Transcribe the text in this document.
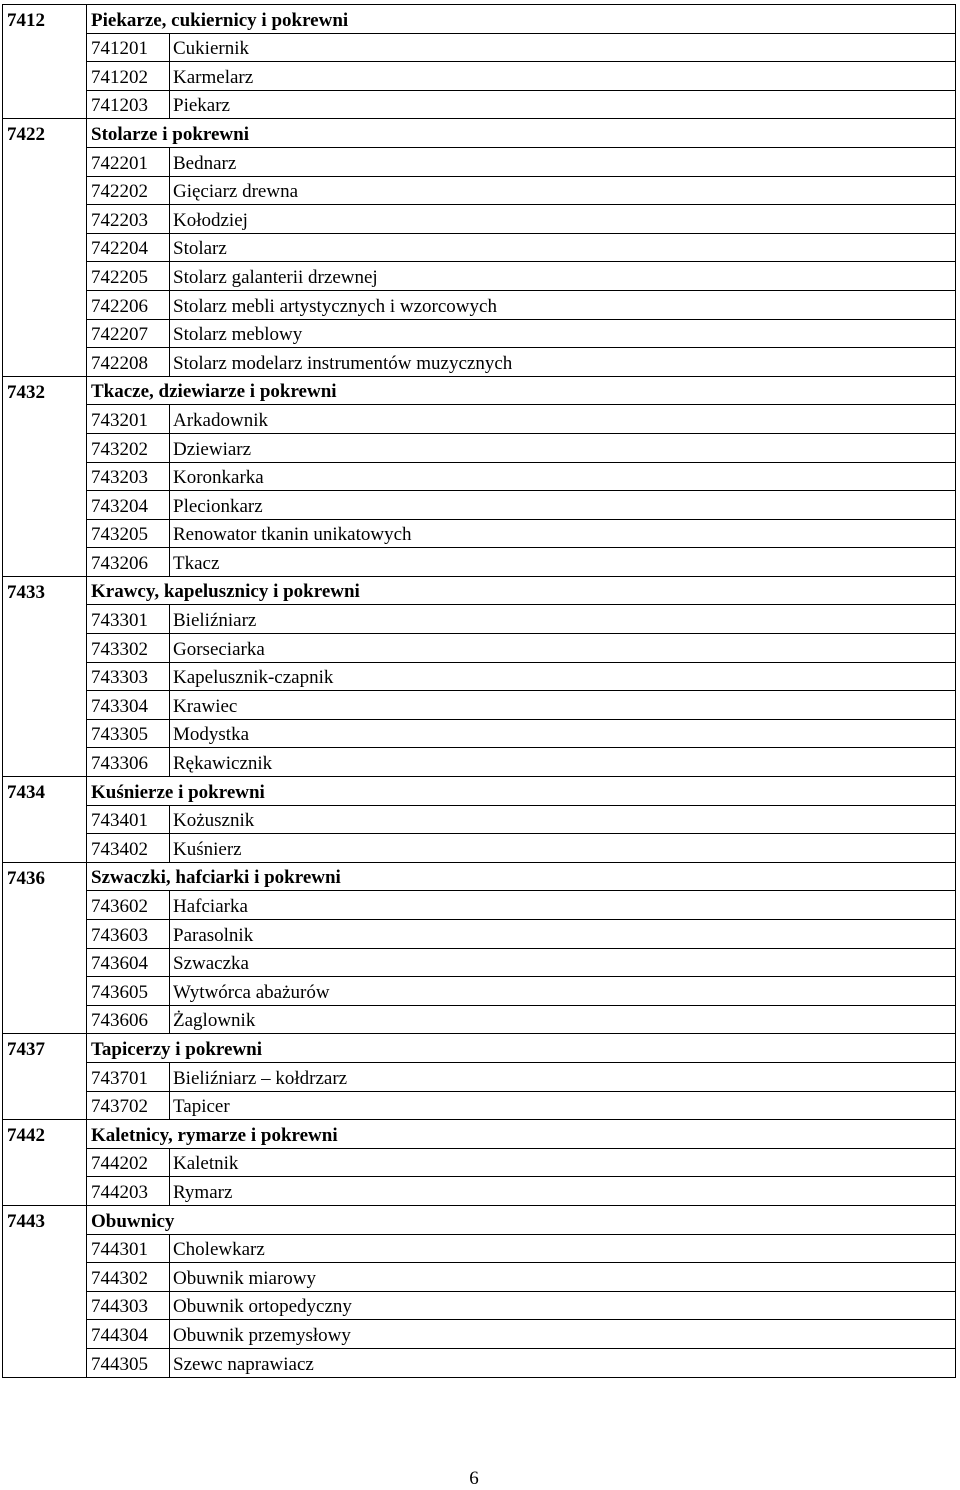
7412	Piekarze, cukiernicy i pokrewni	
	741201	Cukiernik
	741202	Karmelarz
	741203	Piekarz
7422	Stolarze i pokrewni	
	742201	Bednarz
	742202	Gięciarz drewna
	742203	Kołodziej
	742204	Stolarz
	742205	Stolarz galanterii drzewnej
	742206	Stolarz mebli artystycznych i wzorcowych
	742207	Stolarz meblowy
	742208	Stolarz modelarz instrumentów muzycznych
7432	Tkacze, dziewiarze i pokrewni	
	743201	Arkadownik
	743202	Dziewiarz
	743203	Koronkarka
	743204	Plecionkarz
	743205	Renowator tkanin unikatowych
	743206	Tkacz
7433	Krawcy, kapelusznicy i pokrewni	
	743301	Bieliźniarz
	743302	Gorseciarka
	743303	Kapelusznik-czapnik
	743304	Krawiec
	743305	Modystka
	743306	Rękawicznik
7434	Kuśnierze i pokrewni	
	743401	Kożusznik
	743402	Kuśnierz
7436	Szwaczki, hafciarki i pokrewni	
	743602	Hafciarka
	743603	Parasolnik
	743604	Szwaczka
	743605	Wytwórca abażurów
	743606	Żaglownik
7437	Tapicerzy i pokrewni	
	743701	Bieliźniarz – kołdrzarz
	743702	Tapicer
7442	Kaletnicy, rymarze i pokrewni	
	744202	Kaletnik
	744203	Rymarz
7443	Obuwnicy	
	744301	Cholewkarz
	744302	Obuwnik miarowy
	744303	Obuwnik ortopedyczny
	744304	Obuwnik przemysłowy
	744305	Szewc naprawiacz
6
